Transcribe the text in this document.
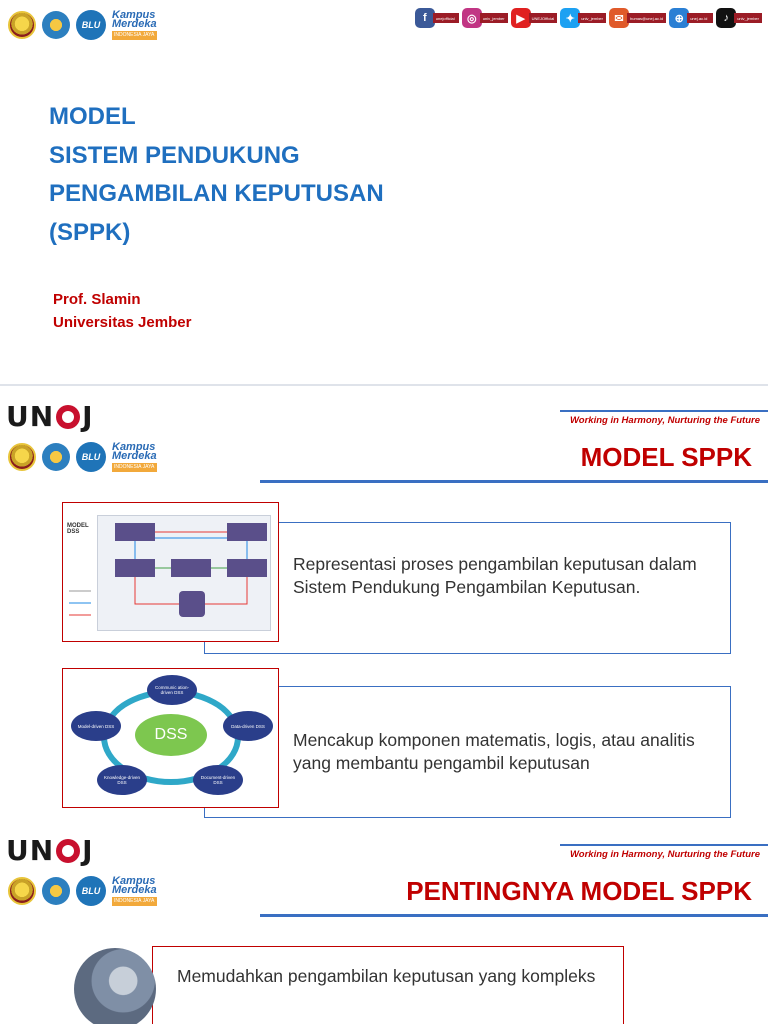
BLU
Kampus
Merdeka
INDONESIA JAYA
f	unejofficial	◎	univ_jember	▶	UNEJOfficial	✦	univ_jember	✉	humas@unej.ac.id	⊕	unej.ac.id	♪	univ_jember
MODEL
SISTEM PENDUKUNG
PENGAMBILAN KEPUTUSAN
(SPPK)
Prof. Slamin
Universitas Jember
UN J	Working in Harmony, Nurturing the Future
BLU
Kampus
Merdeka
INDONESIA JAYA	MODEL SPPK
Representasi proses pengambilan keputusan dalam Sistem Pendukung Pengambilan Keputusan.
MODEL DSS
Mencakup komponen matematis, logis, atau analitis yang membantu pengambil keputusan
DSS
Communic ation-driven DSS
Data-driven DSS
Document-driven DSS
Knowledge-driven DSS
Model-driven DSS
UN J	Working in Harmony, Nurturing the Future
BLU
Kampus
Merdeka
INDONESIA JAYA	PENTINGNYA MODEL SPPK
Memudahkan pengambilan keputusan yang kompleks
